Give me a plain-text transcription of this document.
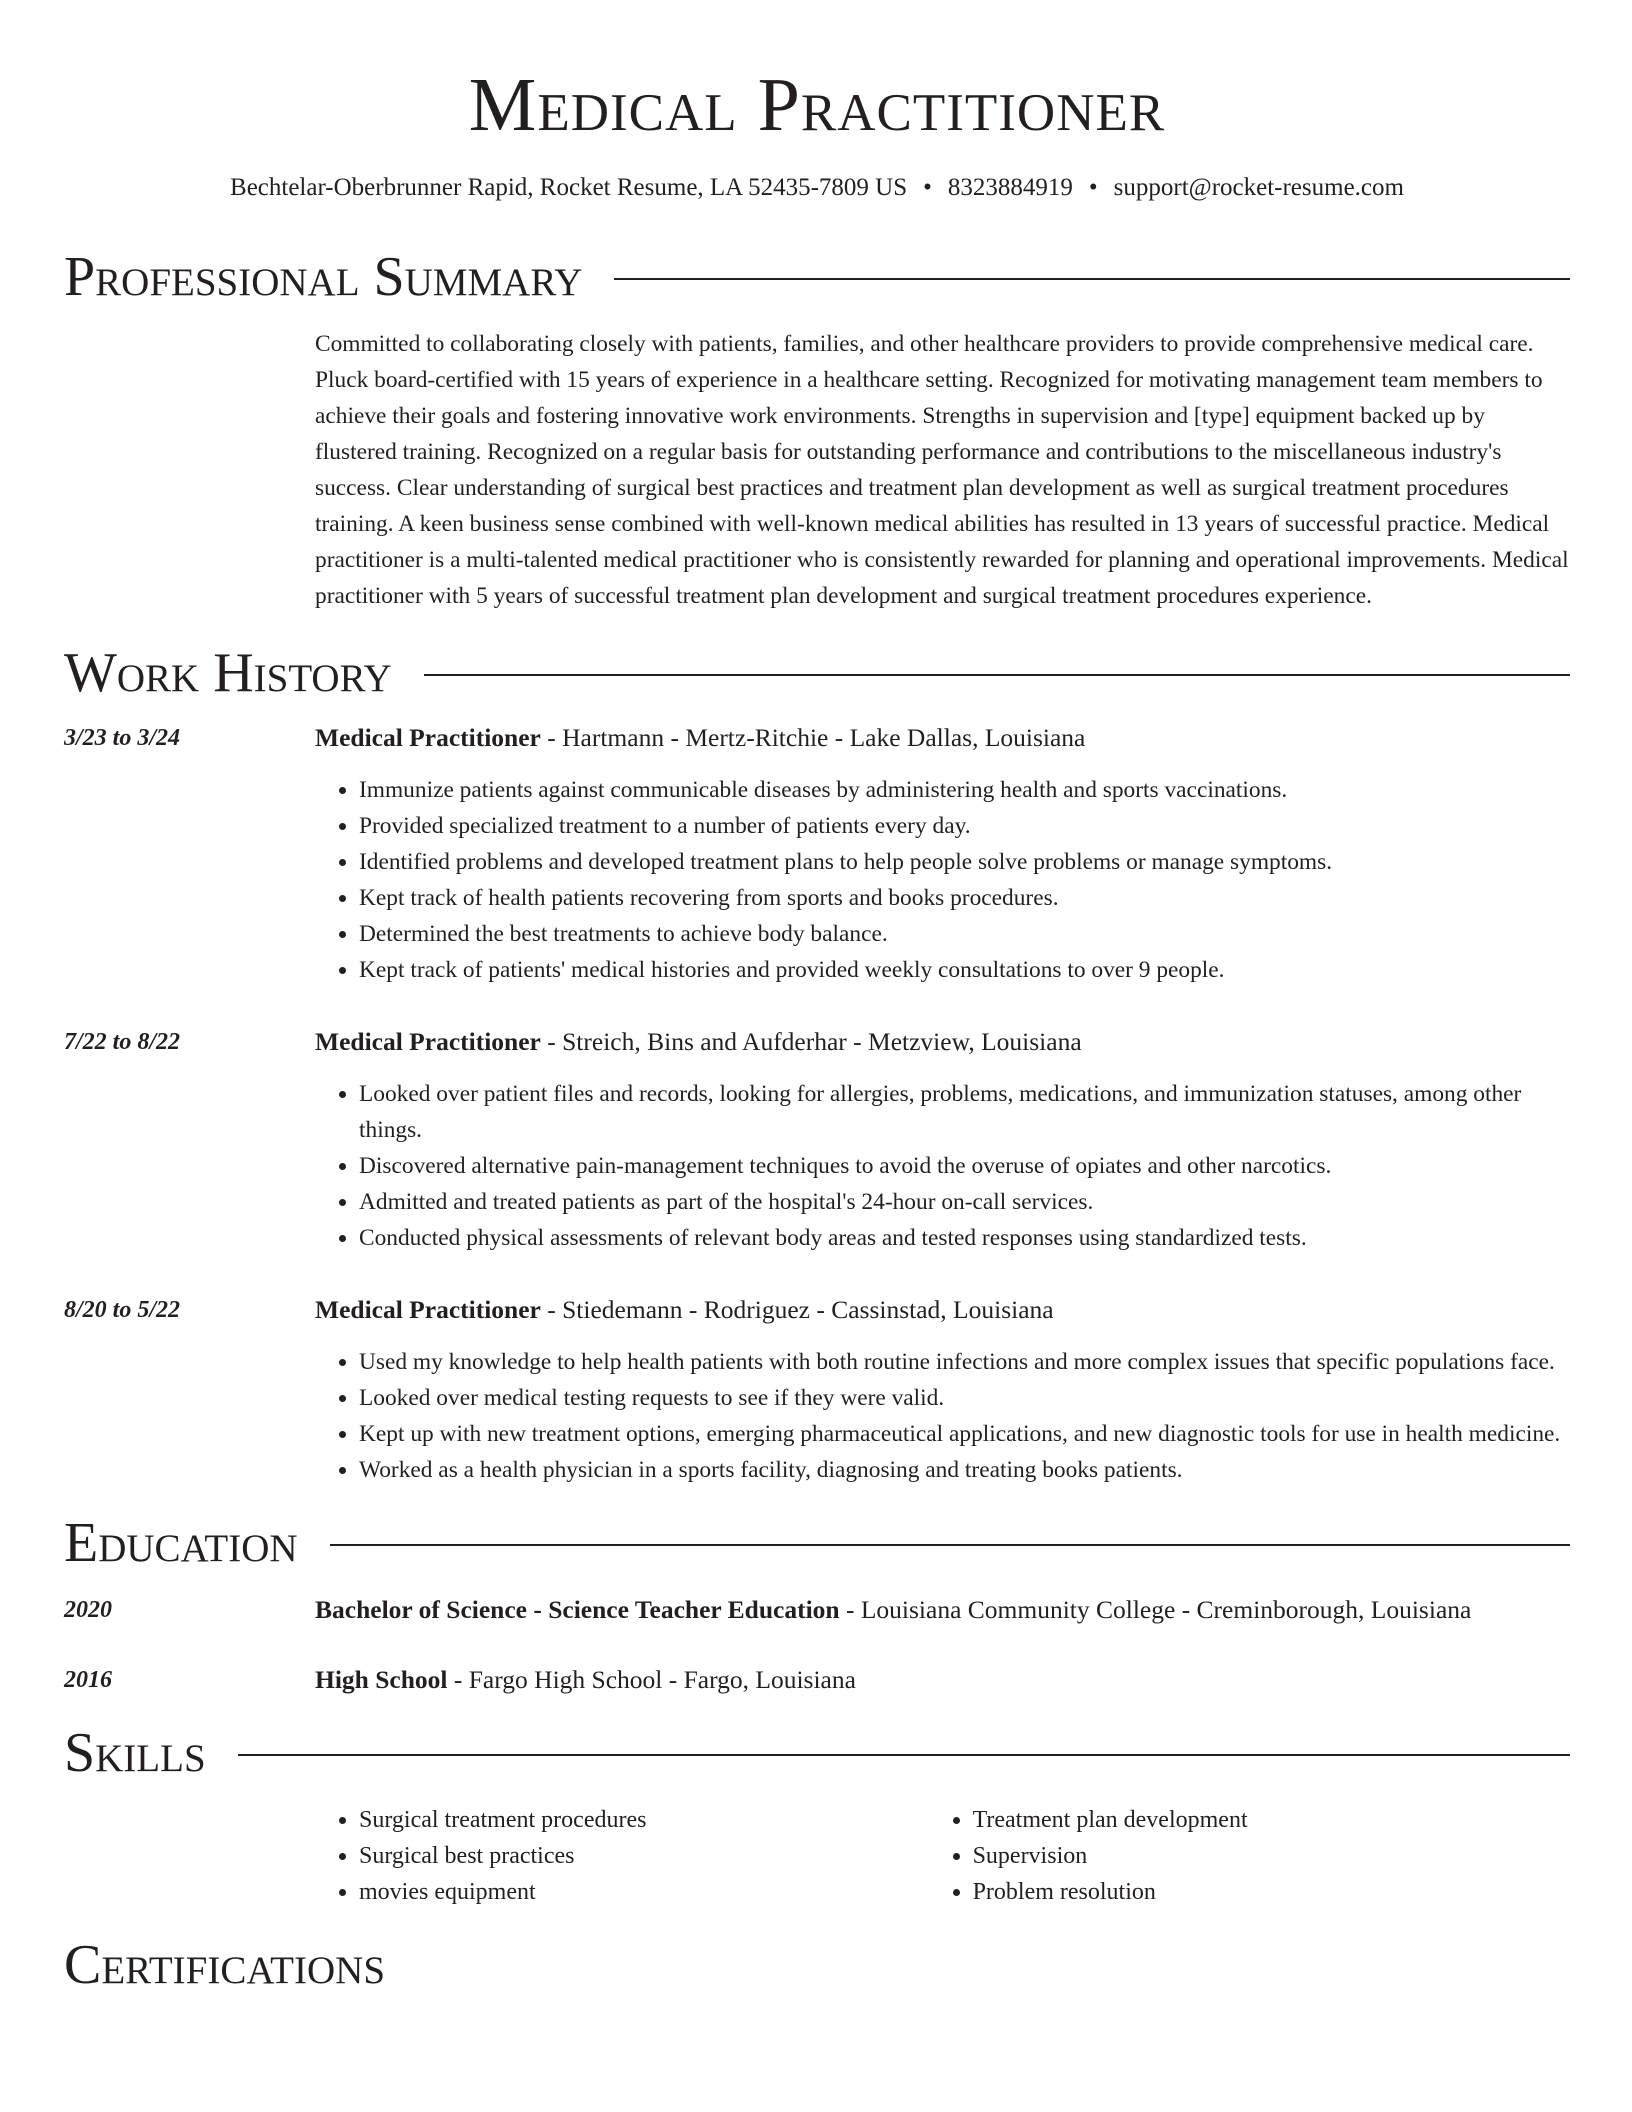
Medical Practitioner
Bechtelar-Oberbrunner Rapid, Rocket Resume, LA 52435-7809 US • 8323884919 • support@rocket-resume.com
Professional Summary
Committed to collaborating closely with patients, families, and other healthcare providers to provide comprehensive medical care. Pluck board-certified with 15 years of experience in a healthcare setting. Recognized for motivating management team members to achieve their goals and fostering innovative work environments. Strengths in supervision and [type] equipment backed up by flustered training. Recognized on a regular basis for outstanding performance and contributions to the miscellaneous industry's success. Clear understanding of surgical best practices and treatment plan development as well as surgical treatment procedures training. A keen business sense combined with well-known medical abilities has resulted in 13 years of successful practice. Medical practitioner is a multi-talented medical practitioner who is consistently rewarded for planning and operational improvements. Medical practitioner with 5 years of successful treatment plan development and surgical treatment procedures experience.
Work History
3/23 to 3/24	Medical Practitioner - Hartmann - Mertz-Ritchie - Lake Dallas, Louisiana
• Immunize patients against communicable diseases by administering health and sports vaccinations.
• Provided specialized treatment to a number of patients every day.
• Identified problems and developed treatment plans to help people solve problems or manage symptoms.
• Kept track of health patients recovering from sports and books procedures.
• Determined the best treatments to achieve body balance.
• Kept track of patients' medical histories and provided weekly consultations to over 9 people.
7/22 to 8/22	Medical Practitioner - Streich, Bins and Aufderhar - Metzview, Louisiana
• Looked over patient files and records, looking for allergies, problems, medications, and immunization statuses, among other things.
• Discovered alternative pain-management techniques to avoid the overuse of opiates and other narcotics.
• Admitted and treated patients as part of the hospital's 24-hour on-call services.
• Conducted physical assessments of relevant body areas and tested responses using standardized tests.
8/20 to 5/22	Medical Practitioner - Stiedemann - Rodriguez - Cassinstad, Louisiana
• Used my knowledge to help health patients with both routine infections and more complex issues that specific populations face.
• Looked over medical testing requests to see if they were valid.
• Kept up with new treatment options, emerging pharmaceutical applications, and new diagnostic tools for use in health medicine.
• Worked as a health physician in a sports facility, diagnosing and treating books patients.
Education
2020	Bachelor of Science - Science Teacher Education - Louisiana Community College - Creminborough, Louisiana
2016	High School - Fargo High School - Fargo, Louisiana
Skills
• Surgical treatment procedures
• Surgical best practices
• movies equipment
• Treatment plan development
• Supervision
• Problem resolution
Certifications
